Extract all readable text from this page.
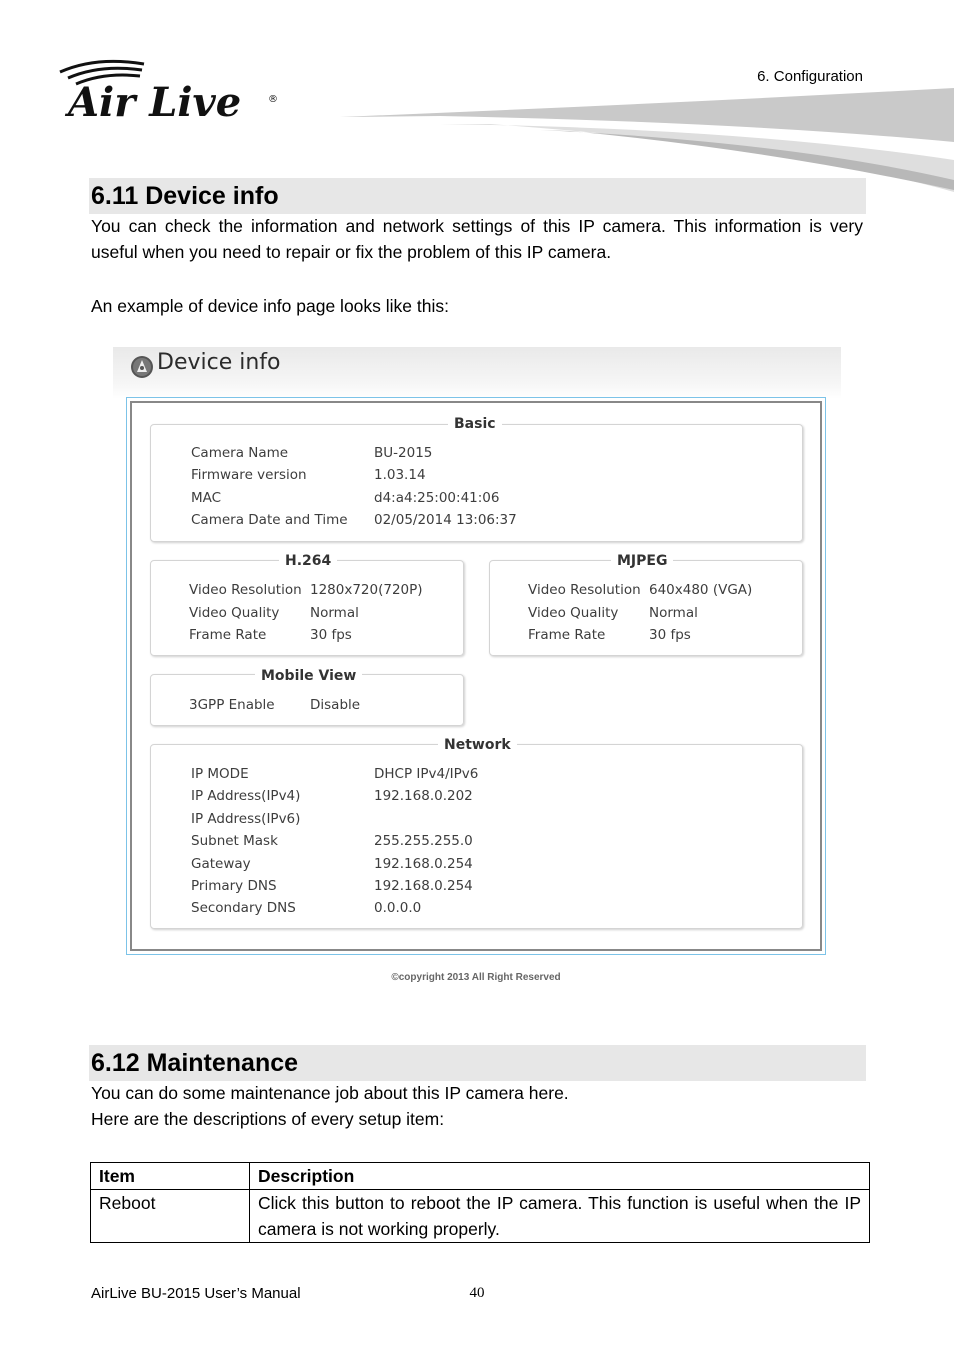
6. Configuration
Air Live	®
6.11 Device info
You can check the information and network settings of this IP camera. This information is very useful when you need to repair or fix the problem of this IP camera.
An example of device info page looks like this:
Device info
Basic
Camera Name	BU-2015
Firmware version	1.03.14
MAC	d4:a4:25:00:41:06
Camera Date and Time 02/05/2014 13:06:37
H.264
Video Resolution 1280x720(720P)
Video Quality Normal
Frame Rate	30 fps
MJPEG
Video Resolution 640x480 (VGA)
Video Quality Normal
Frame Rate	30 fps
Mobile View
3GPP Enable	Disable
Network
IP MODE	DHCP IPv4/IPv6
IP Address(IPv4)	192.168.0.202
IP Address(IPv6)
Subnet Mask	255.255.255.0
Gateway	192.168.0.254
Primary DNS	192.168.0.254
Secondary DNS	0.0.0.0
©copyright 2013 All Right Reserved
6.12 Maintenance
You can do some maintenance job about this IP camera here.
Here are the descriptions of every setup item:
Item	Description
Reboot	Click this button to reboot the IP camera. This function is useful when the IP camera is not working properly.
AirLive BU-2015 User’s Manual	40
